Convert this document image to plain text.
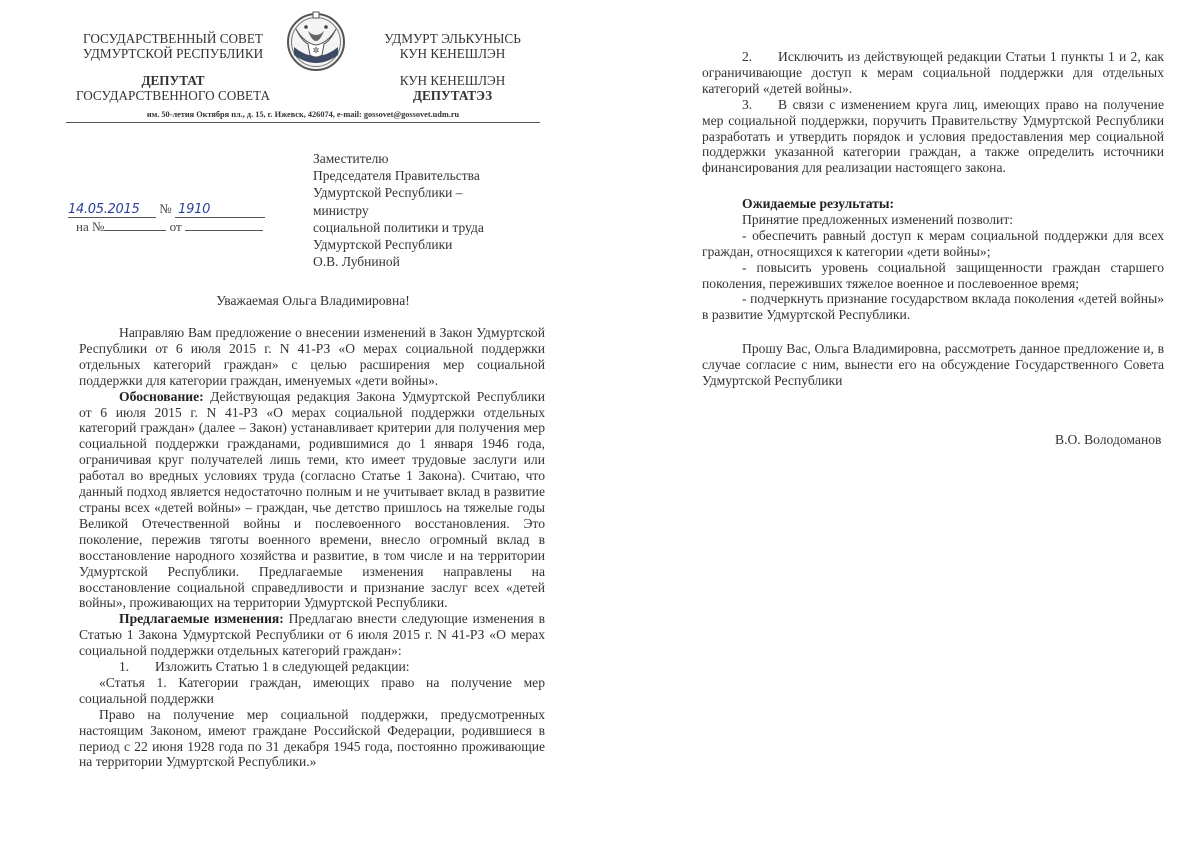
ГОСУДАРСТВЕННЫЙ СОВЕТ
УДМУРТСКОЙ РЕСПУБЛИКИ
ДЕПУТАТ
ГОСУДАРСТВЕННОГО СОВЕТА
✲
УДМУРТ ЭЛЬКУНЫСЬ
КУН КЕНЕШЛЭН
КУН КЕНЕШЛЭН
ДЕПУТАТЭЗ
им. 50-летия Октября пл., д. 15, г. Ижевск, 426074, e-mail: gossovet@gossovet.udm.ru
14.05.2015 № 1910
на №	от
Заместителю
Председателя Правительства
Удмуртской Республики –
министру
социальной политики и труда
Удмуртской Республики
О.В. Лубниной
Уважаемая Ольга Владимировна!

Направляю Вам предложение о внесении изменений в Закон Удмуртской Республики от 6 июля 2015 г. N 41-РЗ «О мерах социальной поддержки отдельных категорий граждан» с целью расширения мер социальной поддержки для категории граждан, именуемых «дети войны».

Обоснование: Действующая редакция Закона Удмуртской Республики от 6 июля 2015 г. N 41-РЗ «О мерах социальной поддержки отдельных категорий граждан» (далее – Закон) устанавливает критерии для получения мер социальной поддержки гражданами, родившимися до 1 января 1946 года, ограничивая круг получателей лишь теми, кто имеет трудовые заслуги или работал во вредных условиях труда (согласно Статье 1 Закона). Считаю, что данный подход является недостаточно полным и не учитывает вклад в развитие страны всех «детей войны» – граждан, чье детство пришлось на тяжелые годы Великой Отечественной войны и послевоенного восстановления. Это поколение, пережив тяготы военного времени, внесло огромный вклад в восстановление народного хозяйства и развитие, в том числе и на территории Удмуртской Республики. Предлагаемые изменения направлены на восстановление социальной справедливости и признание заслуг всех «детей войны», проживающих на территории Удмуртской Республики.

Предлагаемые изменения: Предлагаю внести следующие изменения в Статью 1 Закона Удмуртской Республики от 6 июля 2015 г. N 41-РЗ «О мерах социальной поддержки отдельных категорий граждан»:

1. Изложить Статью 1 в следующей редакции:

«Статья 1. Категории граждан, имеющих право на получение мер социальной поддержки

Право на получение мер социальной поддержки, предусмотренных настоящим Законом, имеют граждане Российской Федерации, родившиеся в период с 22 июня 1928 года по 31 декабря 1945 года, постоянно проживающие на территории Удмуртской Республики.»

2. Исключить из действующей редакции Статьи 1 пункты 1 и 2, как ограничивающие доступ к мерам социальной поддержки для отдельных категорий «детей войны».

3. В связи с изменением круга лиц, имеющих право на получение мер социальной поддержки, поручить Правительству Удмуртской Республики разработать и утвердить порядок и условия предоставления мер социальной поддержки указанной категории граждан, а также определить источники финансирования для реализации настоящего закона.

Ожидаемые результаты:

Принятие предложенных изменений позволит:

- обеспечить равный доступ к мерам социальной поддержки для всех граждан, относящихся к категории «дети войны»;

- повысить уровень социальной защищенности граждан старшего поколения, переживших тяжелое военное и послевоенное время;

- подчеркнуть признание государством вклада поколения «детей войны» в развитие Удмуртской Республики.

Прошу Вас, Ольга Владимировна, рассмотреть данное предложение и, в случае согласие с ним, вынести его на обсуждение Государственного Совета Удмуртской Республики

В.О. Володоманов
